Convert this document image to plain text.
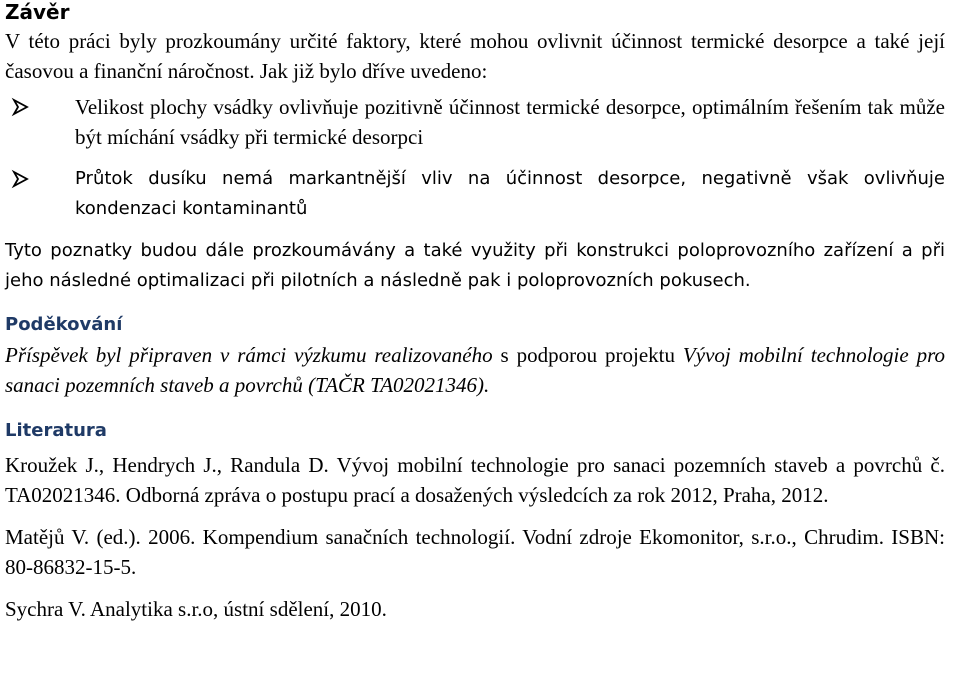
Závěr

V této práci byly prozkoumány určité faktory, které mohou ovlivnit účinnost termické desorpce a také její časovou a finanční náročnost. Jak již bylo dříve uvedeno:

Velikost plochy vsádky ovlivňuje pozitivně účinnost termické desorpce, optimálním řešením tak může být míchání vsádky při termické desorpci
Průtok dusíku nemá markantnější vliv na účinnost desorpce, negativně však ovlivňuje kondenzaci kontaminantů

Tyto poznatky budou dále prozkoumávány a také využity při konstrukci poloprovozního zařízení a při jeho následné optimalizaci při pilotních a následně pak i poloprovozních pokusech.

Poděkování

Příspěvek byl připraven v rámci výzkumu realizovaného s podporou projektu Vývoj mobilní technologie pro sanaci pozemních staveb a povrchů (TAČR TA02021346).

Literatura

Kroužek J., Hendrych J., Randula D. Vývoj mobilní technologie pro sanaci pozemních staveb a povrchů č. TA02021346. Odborná zpráva o postupu prací a dosažených výsledcích za rok 2012, Praha, 2012.

Matějů V. (ed.). 2006. Kompendium sanačních technologií. Vodní zdroje Ekomonitor, s.r.o., Chrudim. ISBN: 80-86832-15-5.

Sychra V. Analytika s.r.o, ústní sdělení, 2010.
